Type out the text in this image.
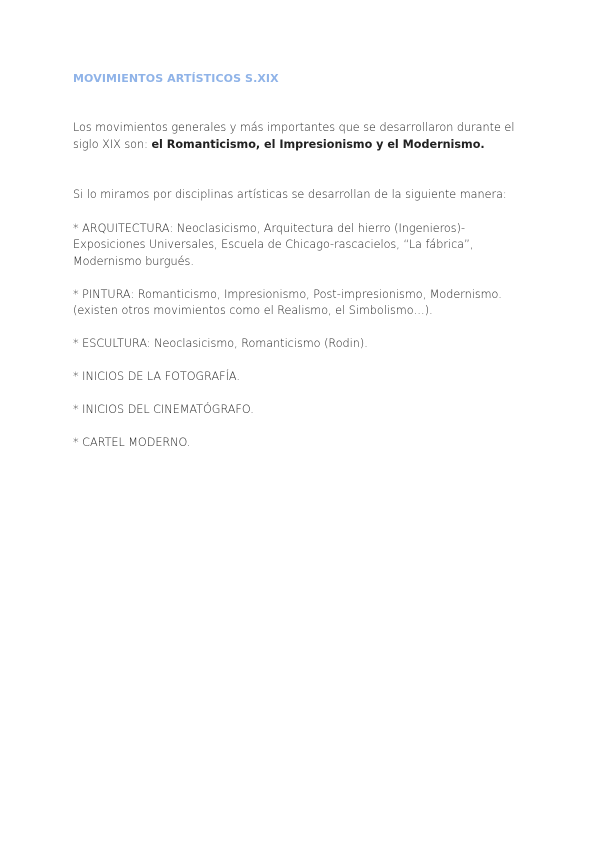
MOVIMIENTOS ARTÍSTICOS S.XIX

Los movimientos generales y más importantes que se desarrollaron durante el siglo XIX son: el Romanticismo, el Impresionismo y el Modernismo.

Si lo miramos por disciplinas artísticas se desarrollan de la siguiente manera:

* ARQUITECTURA: Neoclasicismo, Arquitectura del hierro (Ingenieros)-Exposiciones Universales, Escuela de Chicago-rascacielos, “La fábrica”, Modernismo burgués.

* PINTURA: Romanticismo, Impresionismo, Post-impresionismo, Modernismo. (existen otros movimientos como el Realismo, el Simbolismo…).

* ESCULTURA: Neoclasicismo, Romanticismo (Rodin).

* INICIOS DE LA FOTOGRAFÍA.

* INICIOS DEL CINEMATÓGRAFO.

* CARTEL MODERNO.
